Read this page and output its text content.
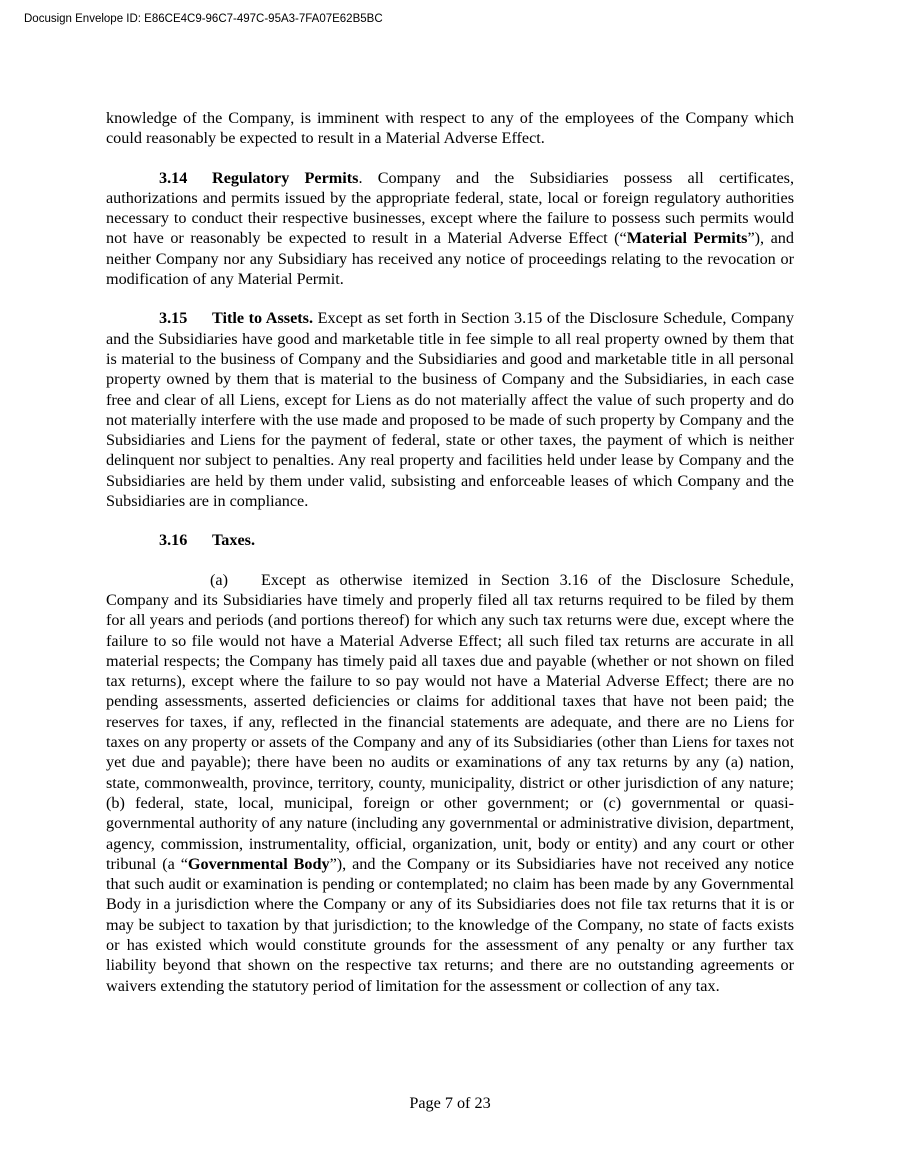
Docusign Envelope ID: E86CE4C9-96C7-497C-95A3-7FA07E62B5BC

knowledge of the Company, is imminent with respect to any of the employees of the Company which could reasonably be expected to result in a Material Adverse Effect.

3.14 Regulatory Permits. Company and the Subsidiaries possess all certificates, authorizations and permits issued by the appropriate federal, state, local or foreign regulatory authorities necessary to conduct their respective businesses, except where the failure to possess such permits would not have or reasonably be expected to result in a Material Adverse Effect (“Material Permits”), and neither Company nor any Subsidiary has received any notice of proceedings relating to the revocation or modification of any Material Permit.

3.15 Title to Assets. Except as set forth in Section 3.15 of the Disclosure Schedule, Company and the Subsidiaries have good and marketable title in fee simple to all real property owned by them that is material to the business of Company and the Subsidiaries and good and marketable title in all personal property owned by them that is material to the business of Company and the Subsidiaries, in each case free and clear of all Liens, except for Liens as do not materially affect the value of such property and do not materially interfere with the use made and proposed to be made of such property by Company and the Subsidiaries and Liens for the payment of federal, state or other taxes, the payment of which is neither delinquent nor subject to penalties. Any real property and facilities held under lease by Company and the Subsidiaries are held by them under valid, subsisting and enforceable leases of which Company and the Subsidiaries are in compliance.

3.16 Taxes.

(a) Except as otherwise itemized in Section 3.16 of the Disclosure Schedule, Company and its Subsidiaries have timely and properly filed all tax returns required to be filed by them for all years and periods (and portions thereof) for which any such tax returns were due, except where the failure to so file would not have a Material Adverse Effect; all such filed tax returns are accurate in all material respects; the Company has timely paid all taxes due and payable (whether or not shown on filed tax returns), except where the failure to so pay would not have a Material Adverse Effect; there are no pending assessments, asserted deficiencies or claims for additional taxes that have not been paid; the reserves for taxes, if any, reflected in the financial statements are adequate, and there are no Liens for taxes on any property or assets of the Company and any of its Subsidiaries (other than Liens for taxes not yet due and payable); there have been no audits or examinations of any tax returns by any (a) nation, state, commonwealth, province, territory, county, municipality, district or other jurisdiction of any nature; (b) federal, state, local, municipal, foreign or other government; or (c) governmental or quasi-governmental authority of any nature (including any governmental or administrative division, department, agency, commission, instrumentality, official, organization, unit, body or entity) and any court or other tribunal (a “Governmental Body”), and the Company or its Subsidiaries have not received any notice that such audit or examination is pending or contemplated; no claim has been made by any Governmental Body in a jurisdiction where the Company or any of its Subsidiaries does not file tax returns that it is or may be subject to taxation by that jurisdiction; to the knowledge of the Company, no state of facts exists or has existed which would constitute grounds for the assessment of any penalty or any further tax liability beyond that shown on the respective tax returns; and there are no outstanding agreements or waivers extending the statutory period of limitation for the assessment or collection of any tax.

Page 7 of 23
